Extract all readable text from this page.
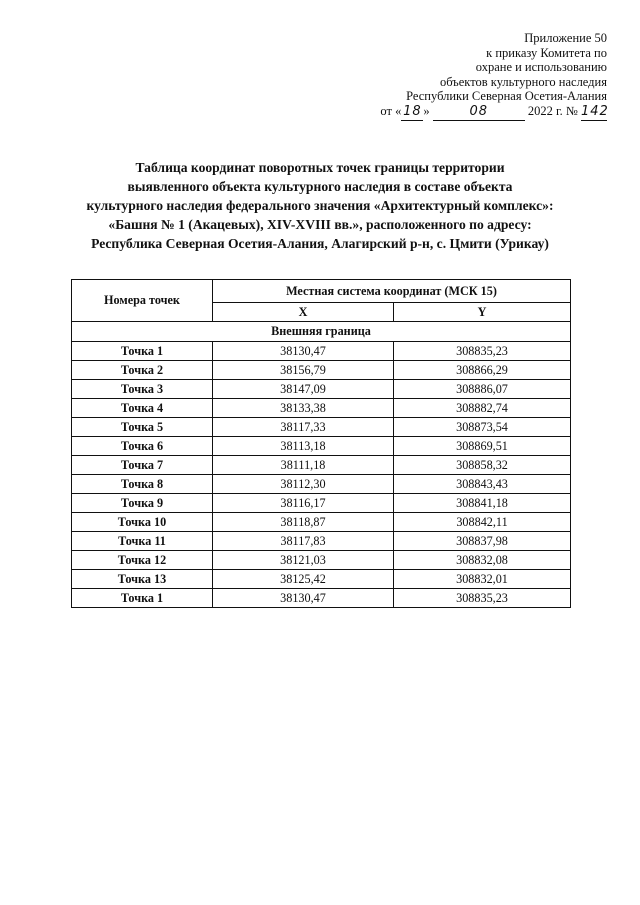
Приложение 50
к приказу Комитета по
охране и использованию
объектов культурного наследия
Республики Северная Осетия-Алания
от « 18 »	08	2022 г. № 142
Таблица координат поворотных точек границы территории
выявленного объекта культурного наследия в составе объекта
культурного наследия федерального значения «Архитектурный комплекс»:
«Башня № 1 (Акацевых), XIV-XVIII вв.», расположенного по адресу:
Республика Северная Осетия-Алания, Алагирский р-н, с. Цмити (Урикау)
Номера точек	Местная система координат (МСК 15)	
	X	Y
Внешняя граница		
Точка 1	38130,47	308835,23
Точка 2	38156,79	308866,29
Точка 3	38147,09	308886,07
Точка 4	38133,38	308882,74
Точка 5	38117,33	308873,54
Точка 6	38113,18	308869,51
Точка 7	38111,18	308858,32
Точка 8	38112,30	308843,43
Точка 9	38116,17	308841,18
Точка 10	38118,87	308842,11
Точка 11	38117,83	308837,98
Точка 12	38121,03	308832,08
Точка 13	38125,42	308832,01
Точка 1	38130,47	308835,23
